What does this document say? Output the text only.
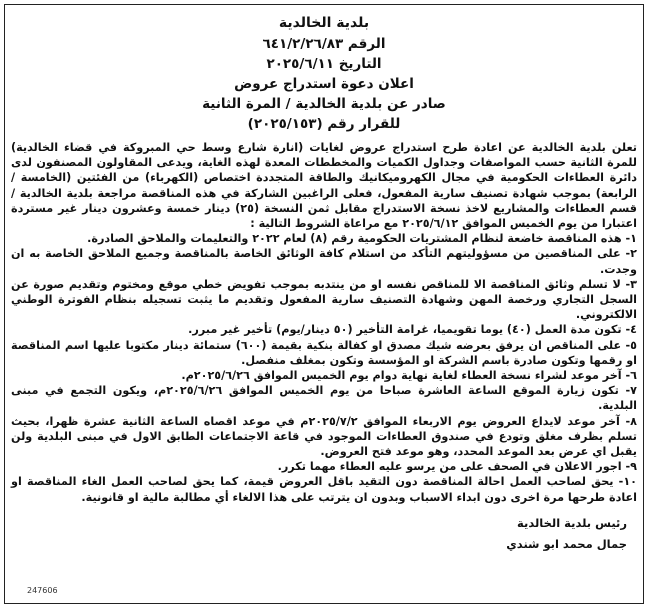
بلدية الخالدية

الرقم ٦٤١/٢/٢٦/٨٣

التاريخ ٢٠٢٥/٦/١١

اعلان دعوة استدراج عروض

صادر عن بلدية الخالدية / المرة الثانية

للقرار رقم (٢٠٢٥/١٥٣)

تعلن بلدية الخالدية عن اعادة طرح استدراج عروض لغايات (انارة شارع وسط حي المبروكة في قضاء الخالدية) للمرة الثانية حسب المواصفات وجداول الكميات والمخططات المعدة لهذه الغاية، ويدعى المقاولون المصنفون لدى دائرة العطاءات الحكومية في مجال الكهروميكانيك والطاقة المتجددة اختصاص (الكهرباء) من الفئتين (الخامسة / الرابعة) بموجب شهادة تصنيف سارية المفعول، فعلى الراغبين الشاركة في هذه المناقصة مراجعة بلدية الخالدية / قسم العطاءات والمشاريع لاخذ نسخة الاستدراج مقابل ثمن النسخة (٢٥) دينار خمسة وعشرون دينار غير مستردة اعتبارا من يوم الخميس الموافق ٢٠٢٥/٦/١٢ مع مراعاة الشروط التالية :

١- هذه المناقصة خاضعة لنظام المشتريات الحكومية رقم (٨) لعام ٢٠٢٢ والتعليمات والملاحق الصادرة.

٢- على المناقصين من مسؤوليتهم التأكد من استلام كافة الوثائق الخاصة بالمناقصة وجميع الملاحق الخاصة به ان وجدت.

٣- لا تسلم وثائق المناقصة الا للمناقص نفسه او من ينتدبه بموجب تفويض خطي موقع ومختوم وتقديم صورة عن السجل التجاري ورخصة المهن وشهادة التصنيف سارية المفعول وتقديم ما يثبت تسجيله بنظام الفوترة الوطني الالكتروني.

٤- تكون مدة العمل (٤٠) يوما تقويميا، غرامة التأخير (٥٠ دينار/يوم) تأخير غير مبرر.

٥- على المناقص ان يرفق بعرضه شيك مصدق او كفالة بنكية بقيمة (٦٠٠) ستمائة دينار مكتوبا عليها اسم المناقصة او رقمها وتكون صادرة باسم الشركة او المؤسسة وتكون بمغلف منفصل.

٦- آخر موعد لشراء نسخة العطاء لغاية نهاية دوام يوم الخميس الموافق ٢٠٢٥/٦/٢٦م.

٧- تكون زيارة الموقع الساعة العاشرة صباحا من يوم الخميس الموافق ٢٠٢٥/٦/٢٦م، ويكون التجمع في مبنى البلدية.

٨- آخر موعد لايداع العروض يوم الاربعاء الموافق ٢٠٢٥/٧/٢م في موعد اقصاه الساعة الثانية عشرة ظهرا، بحيث تسلم بظرف مغلق وتودع في صندوق العطاءات الموجود في قاعة الاجتماعات الطابق الاول في مبنى البلدية ولن يقبل اي عرض بعد الموعد المحدد، وهو موعد فتح العروض.

٩- اجور الاعلان في الصحف على من يرسو عليه العطاء مهما تكرر.

١٠- يحق لصاحب العمل احالة المناقصة دون التقيد باقل العروض قيمة، كما يحق لصاحب العمل الغاء المناقصة او اعادة طرحها مرة اخرى دون ابداء الاسباب وبدون ان يترتب على هذا الالغاء أي مطالبة مالية او قانونية.

رئيس بلدية الخالدية
جمال محمد ابو شندي
247606
